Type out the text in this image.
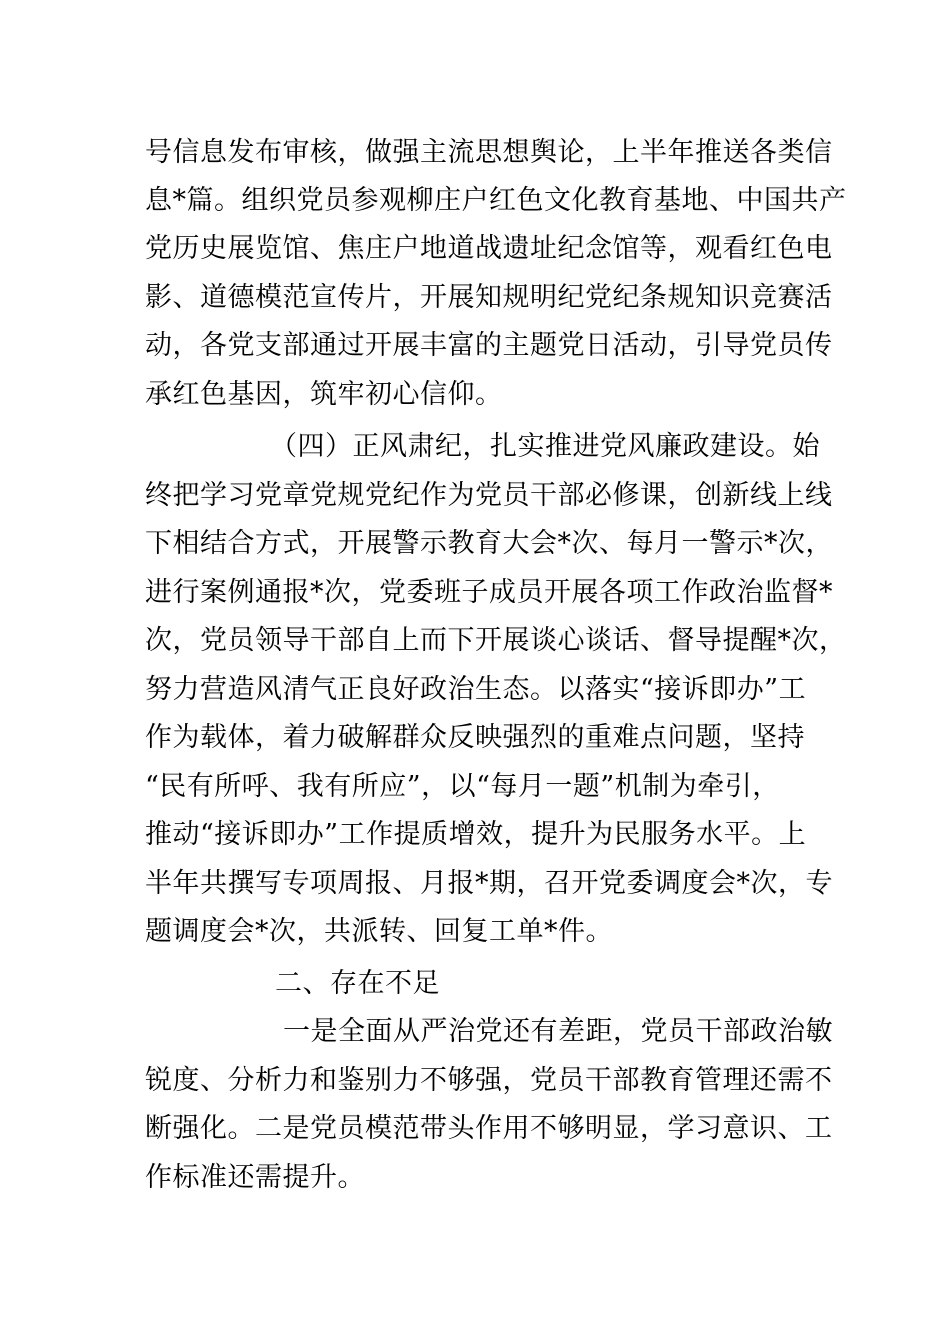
号信息发布审核，做强主流思想舆论，上半年推送各类信
息*篇。组织党员参观柳庄户红色文化教育基地、中国共产
党历史展览馆、焦庄户地道战遗址纪念馆等，观看红色电
影、道德模范宣传片，开展知规明纪党纪条规知识竞赛活
动，各党支部通过开展丰富的主题党日活动，引导党员传
承红色基因，筑牢初心信仰。
（四）正风肃纪，扎实推进党风廉政建设。始
终把学习党章党规党纪作为党员干部必修课，创新线上线
下相结合方式，开展警示教育大会*次、每月一警示*次，
进行案例通报*次，党委班子成员开展各项工作政治监督*
次，党员领导干部自上而下开展谈心谈话、督导提醒*次，
努力营造风清气正良好政治生态。以落实“接诉即办”工
作为载体，着力破解群众反映强烈的重难点问题，坚持
“民有所呼、我有所应”，以“每月一题”机制为牵引，
推动“接诉即办”工作提质增效，提升为民服务水平。上
半年共撰写专项周报、月报*期，召开党委调度会*次，专
题调度会*次，共派转、回复工单*件。
二、存在不足
一是全面从严治党还有差距，党员干部政治敏
锐度、分析力和鉴别力不够强，党员干部教育管理还需不
断强化。二是党员模范带头作用不够明显，学习意识、工
作标准还需提升。
